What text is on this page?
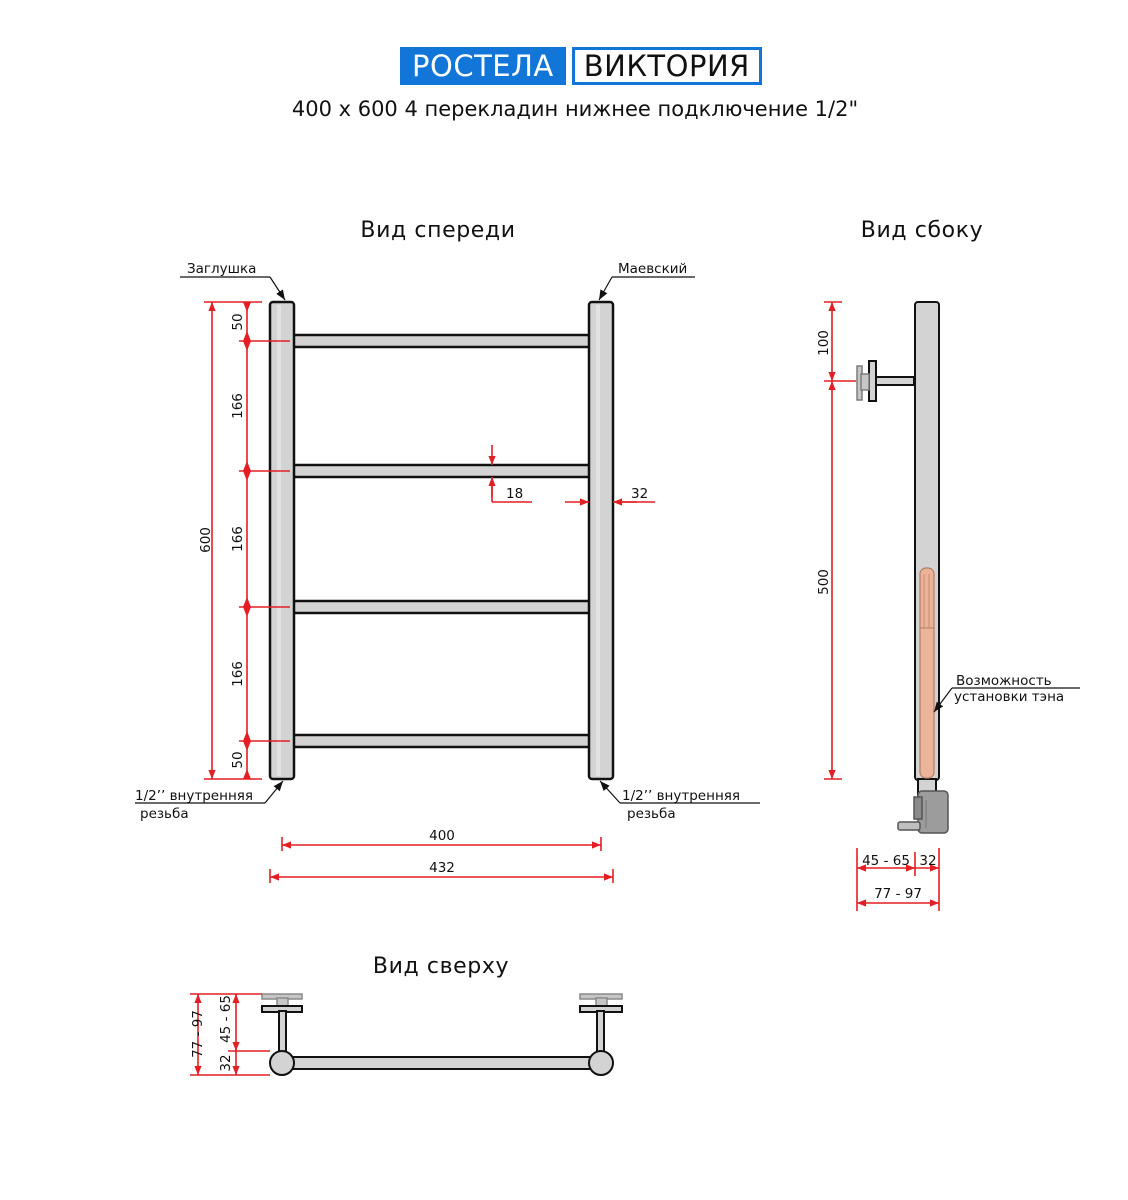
РОСТЕЛА	ВИКТОРИЯ
400 x 600 4 перекладин нижнее подключение 1/2"
Вид спереди	Вид сбоку
Вид сверху
Заглушка	Маевский
1/2’’ внутренняя
резьба
1/2’’ внутренняя
резьба
600
50
166
166
166
50
18	32
400
432
Возможность
установки тэна
100
500
45 - 65 32
77 - 97
77 - 97
32
45 - 65
